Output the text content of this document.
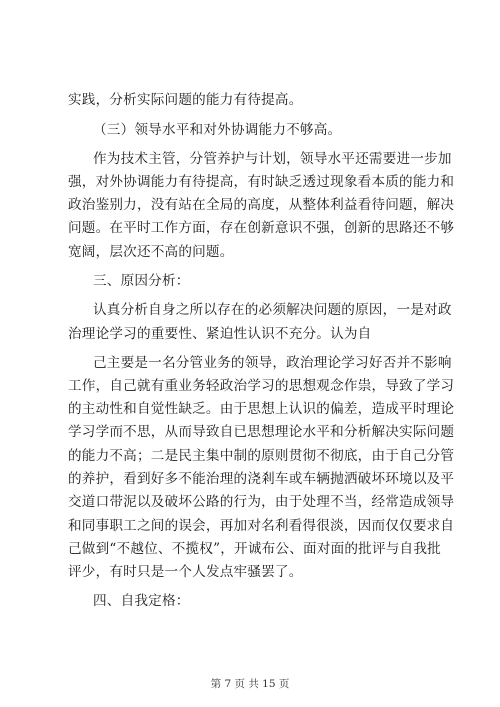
实践，分析实际问题的能力有待提高。
（三）领导水平和对外协调能力不够高。
作为技术主管，分管养护与计划，领导水平还需要进一步加
强，对外协调能力有待提高，有时缺乏透过现象看本质的能力和
政治鉴别力，没有站在全局的高度，从整体利益看待问题，解决
问题。在平时工作方面，存在创新意识不强，创新的思路还不够
宽阔，层次还不高的问题。
三、原因分析：
认真分析自身之所以存在的必须解决问题的原因，一是对政
治理论学习的重要性、紧迫性认识不充分。认为自
己主要是一名分管业务的领导，政治理论学习好否并不影响
工作，自己就有重业务轻政治学习的思想观念作祟，导致了学习
的主动性和自觉性缺乏。由于思想上认识的偏差，造成平时理论
学习学而不思，从而导致自已思想理论水平和分析解决实际问题
的能力不高；二是民主集中制的原则贯彻不彻底，由于自己分管
的养护，看到好多不能治理的浇剎车或车辆抛洒破坏环境以及平
交道口带泥以及破坏公路的行为，由于处理不当，经常造成领导
和同事职工之间的误会，再加对名利看得很淡，因而仅仅要求自
己做到“不越位、不揽权”，开诚布公、面对面的批评与自我批
评少，有时只是一个人发点牢骚罢了。
四、自我定格：
第 7 页 共 15 页
